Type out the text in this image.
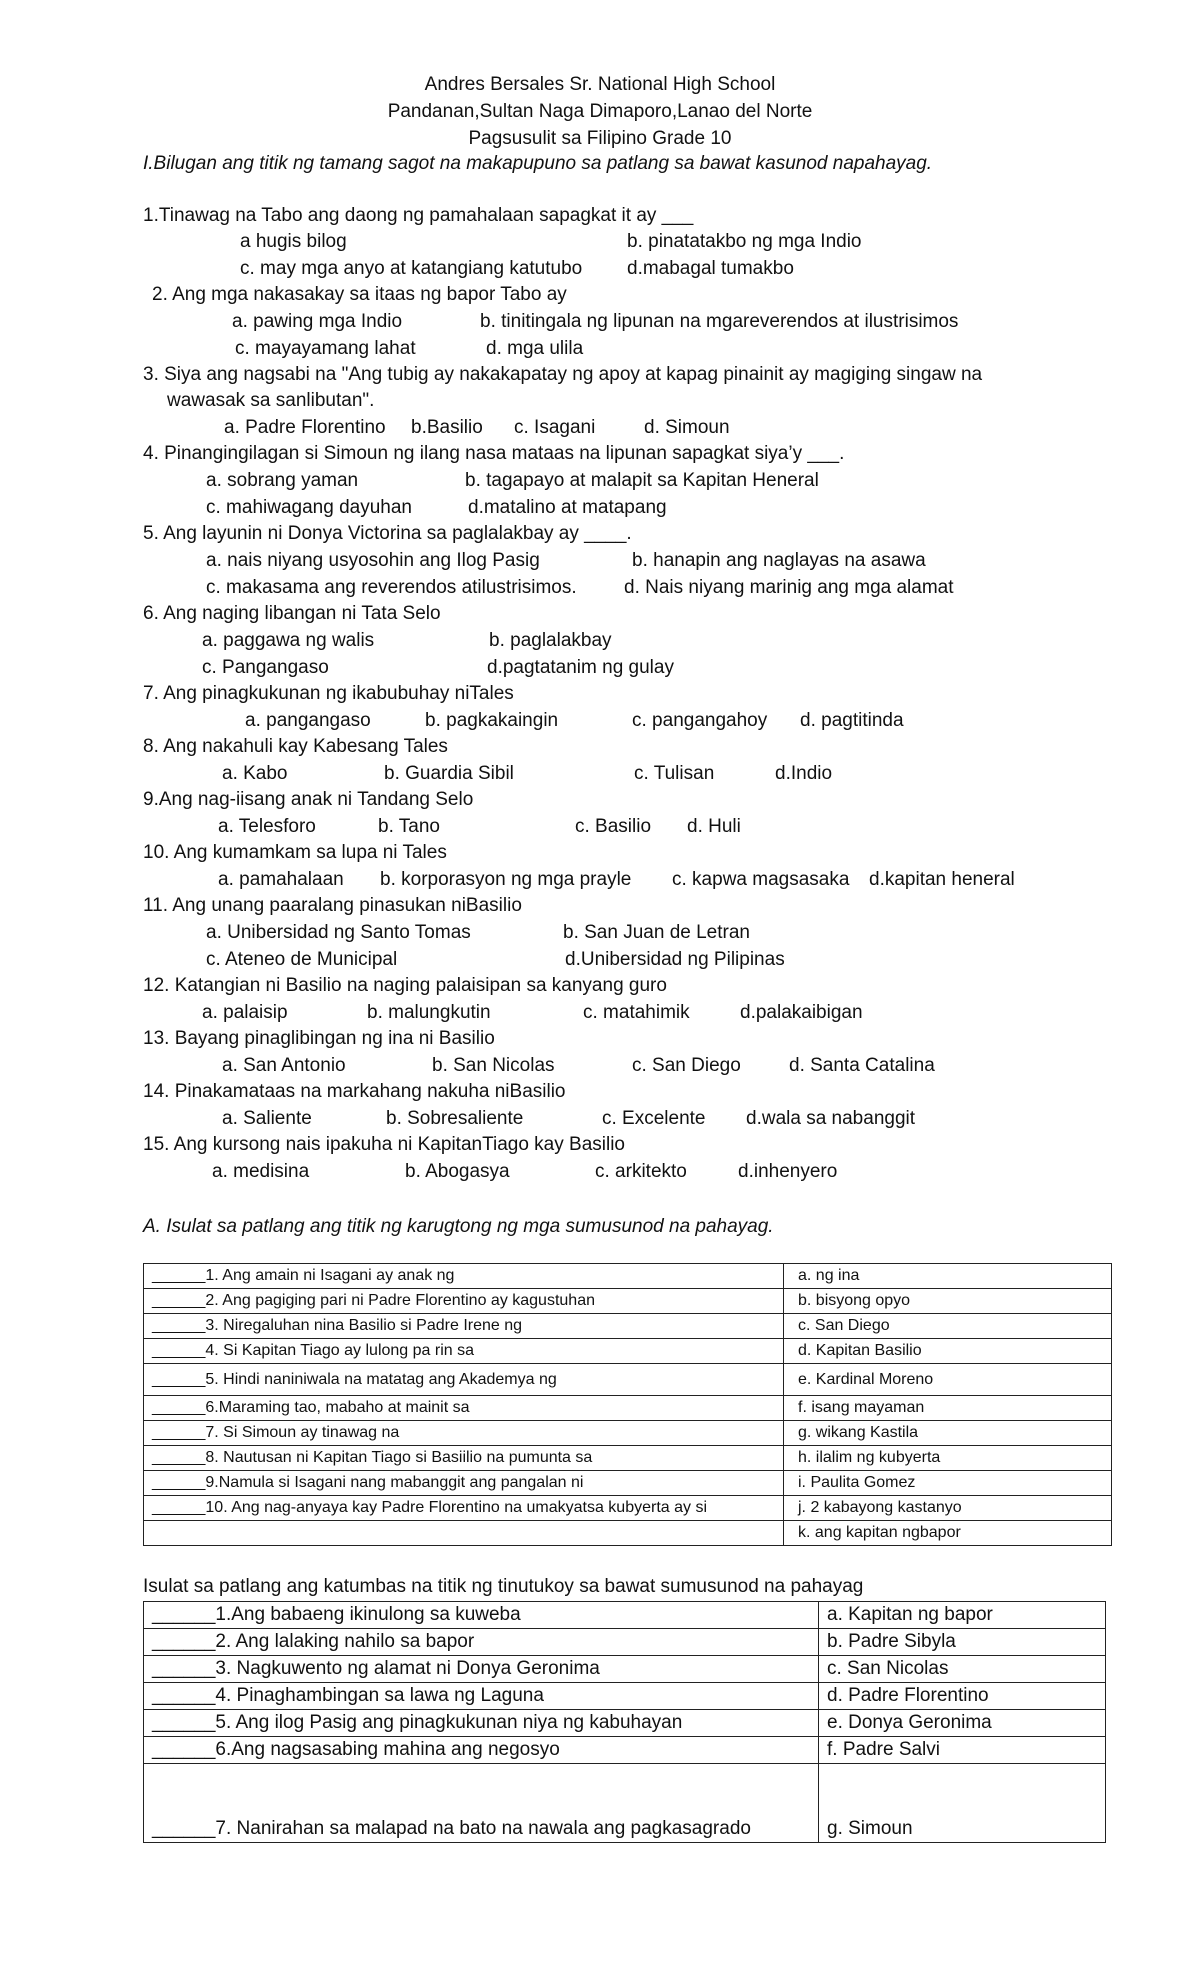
Andres Bersales Sr. National High School
Pandanan,Sultan Naga Dimaporo,Lanao del Norte
Pagsusulit sa Filipino Grade 10
I.Bilugan ang titik ng tamang sagot na makapupuno sa patlang sa bawat kasunod napahayag.
1.Tinawag na Tabo ang daong ng pamahalaan sapagkat it ay ___
a hugis bilog	b. pinatatakbo ng mga Indio
c. may mga anyo at katangiang katutubo d.mabagal tumakbo
2. Ang mga nakasakay sa itaas ng bapor Tabo ay
a. pawing mga Indio	b. tinitingala ng lipunan na mgareverendos at ilustrisimos
c. mayayamang lahat	d. mga ulila
3. Siya ang nagsabi na "Ang tubig ay nakakapatay ng apoy at kapag pinainit ay magiging singaw na
wawasak sa sanlibutan".
a. Padre Florentino b.Basilio c. Isagani	d. Simoun
4. Pinangingilagan si Simoun ng ilang nasa mataas na lipunan sapagkat siya’y ___.
a. sobrang yaman	b. tagapayo at malapit sa Kapitan Heneral
c. mahiwagang dayuhan	d.matalino at matapang
5. Ang layunin ni Donya Victorina sa paglalakbay ay ____.
a. nais niyang usyosohin ang Ilog Pasig	b. hanapin ang naglayas na asawa
c. makasama ang reverendos atilustrisimos. d. Nais niyang marinig ang mga alamat
6. Ang naging libangan ni Tata Selo
a. paggawa ng walis	b. paglalakbay
c. Pangangaso	d.pagtatanim ng gulay
7. Ang pinagkukunan ng ikabubuhay niTales
a. pangangaso	b. pagkakaingin	c. pangangahoy d. pagtitinda
8. Ang nakahuli kay Kabesang Tales
a. Kabo	b. Guardia Sibil	c. Tulisan	d.Indio
9.Ang nag-iisang anak ni Tandang Selo
a. Telesforo	b. Tano	c. Basilio d. Huli
10. Ang kumamkam sa lupa ni Tales
a. pamahalaan b. korporasyon ng mga prayle c. kapwa magsasaka d.kapitan heneral
11. Ang unang paaralang pinasukan niBasilio
a. Unibersidad ng Santo Tomas	b. San Juan de Letran
c. Ateneo de Municipal	d.Unibersidad ng Pilipinas
12. Katangian ni Basilio na naging palaisipan sa kanyang guro
a. palaisip	b. malungkutin	c. matahimik	d.palakaibigan
13. Bayang pinaglibingan ng ina ni Basilio
a. San Antonio	b. San Nicolas	c. San Diego	d. Santa Catalina
14. Pinakamataas na markahang nakuha niBasilio
a. Saliente	b. Sobresaliente	c. Excelente d.wala sa nabanggit
15. Ang kursong nais ipakuha ni KapitanTiago kay Basilio
a. medisina	b. Abogasya	c. arkitekto	d.inhenyero
A. Isulat sa patlang ang titik ng karugtong ng mga sumusunod na pahayag.
______1. Ang amain ni Isagani ay anak ng	a. ng ina
______2. Ang pagiging pari ni Padre Florentino ay kagustuhan	b. bisyong opyo
______3. Niregaluhan nina Basilio si Padre Irene ng	c. San Diego
______4. Si Kapitan Tiago ay lulong pa rin sa	d. Kapitan Basilio
______5. Hindi naniniwala na matatag ang Akademya ng	e. Kardinal Moreno
______6.Maraming tao, mabaho at mainit sa	f. isang mayaman
______7. Si Simoun ay tinawag na	g. wikang Kastila
______8. Nautusan ni Kapitan Tiago si Basiilio na pumunta sa	h. ilalim ng kubyerta
______9.Namula si Isagani nang mabanggit ang pangalan ni	i. Paulita Gomez
______10. Ang nag-anyaya kay Padre Florentino na umakyatsa kubyerta ay si	j. 2 kabayong kastanyo
	k. ang kapitan ngbapor
Isulat sa patlang ang katumbas na titik ng tinutukoy sa bawat sumusunod na pahayag
______1.Ang babaeng ikinulong sa kuweba	a. Kapitan ng bapor
______2. Ang lalaking nahilo sa bapor	b. Padre Sibyla
______3. Nagkuwento ng alamat ni Donya Geronima	c. San Nicolas
______4. Pinaghambingan sa lawa ng Laguna	d. Padre Florentino
______5. Ang ilog Pasig ang pinagkukunan niya ng kabuhayan	e. Donya Geronima
______6.Ang nagsasabing mahina ang negosyo	f. Padre Salvi
______7. Nanirahan sa malapad na bato na nawala ang pagkasagrado	g. Simoun
